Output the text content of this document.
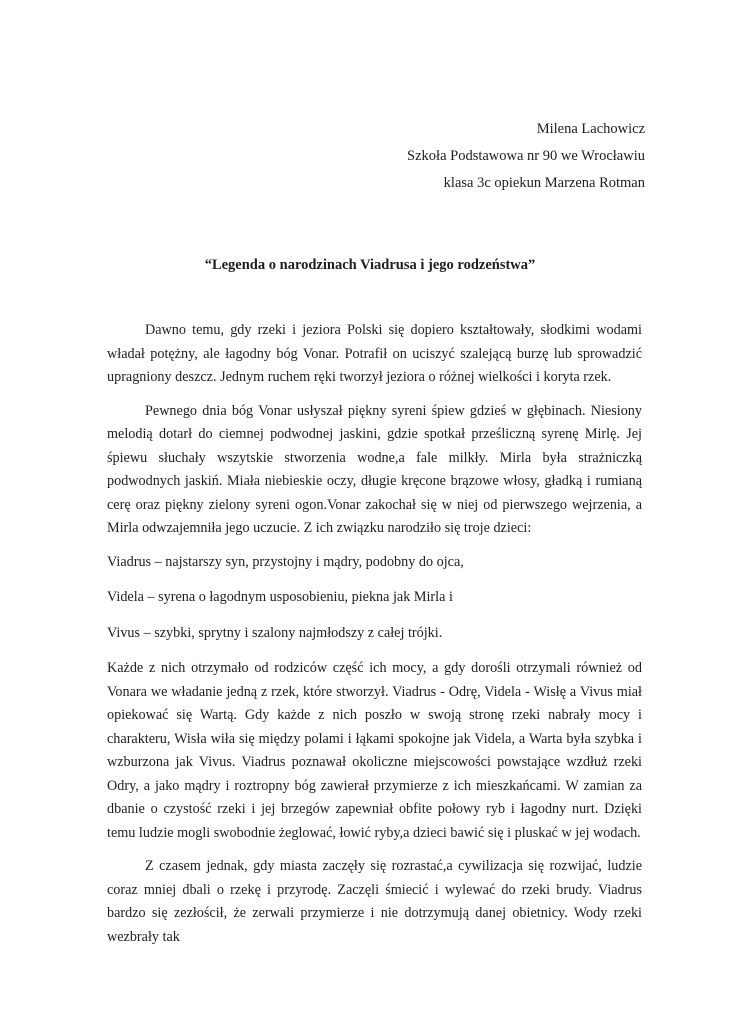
Milena Lachowicz
Szkoła Podstawowa nr 90 we Wrocławiu
klasa 3c opiekun Marzena Rotman
“Legenda o narodzinach Viadrusa i jego rodzeństwa”

Dawno temu, gdy rzeki i jeziora Polski się dopiero kształtowały, słodkimi wodami władał potężny, ale łagodny bóg Vonar. Potrafił on uciszyć szalejącą burzę lub sprowadzić upragniony deszcz. Jednym ruchem ręki tworzył jeziora o różnej wielkości i koryta rzek.

Pewnego dnia bóg Vonar usłyszał piękny syreni śpiew gdzieś w głębinach. Niesiony melodią dotarł do ciemnej podwodnej jaskini, gdzie spotkał prześliczną syrenę Mirlę. Jej śpiewu słuchały wszytskie stworzenia wodne,a fale milkły. Mirla była strażniczką podwodnych jaskiń. Miała niebieskie oczy, długie kręcone brązowe włosy, gładką i rumianą cerę oraz piękny zielony syreni ogon.Vonar zakochał się w niej od pierwszego wejrzenia, a Mirla odwzajemniła jego uczucie. Z ich związku narodziło się troje dzieci:

Viadrus – najstarszy syn, przystojny i mądry, podobny do ojca,

Videla – syrena o łagodnym usposobieniu, piekna jak Mirla i

Vivus – szybki, sprytny i szalony najmłodszy z całej trójki.

Każde z nich otrzymało od rodziców część ich mocy, a gdy dorośli otrzymali również od Vonara we władanie jedną z rzek, które stworzył. Viadrus - Odrę, Videla - Wisłę a Vivus miał opiekować się Wartą. Gdy każde z nich poszło w swoją stronę rzeki nabrały mocy i charakteru, Wisła wiła się między polami i łąkami spokojne jak Videla, a Warta była szybka i wzburzona jak Vivus. Viadrus poznawał okoliczne miejscowości powstające wzdłuż rzeki Odry, a jako mądry i roztropny bóg zawierał przymierze z ich mieszkańcami. W zamian za dbanie o czystość rzeki i jej brzegów zapewniał obfite połowy ryb i łagodny nurt. Dzięki temu ludzie mogli swobodnie żeglować, łowić ryby,a dzieci bawić się i pluskać w jej wodach.

Z czasem jednak, gdy miasta zaczęły się rozrastać,a cywilizacja się rozwijać, ludzie coraz mniej dbali o rzekę i przyrodę. Zaczęli śmiecić i wylewać do rzeki brudy. Viadrus bardzo się zezłościł, że zerwali przymierze i nie dotrzymują danej obietnicy. Wody rzeki wezbrały tak
